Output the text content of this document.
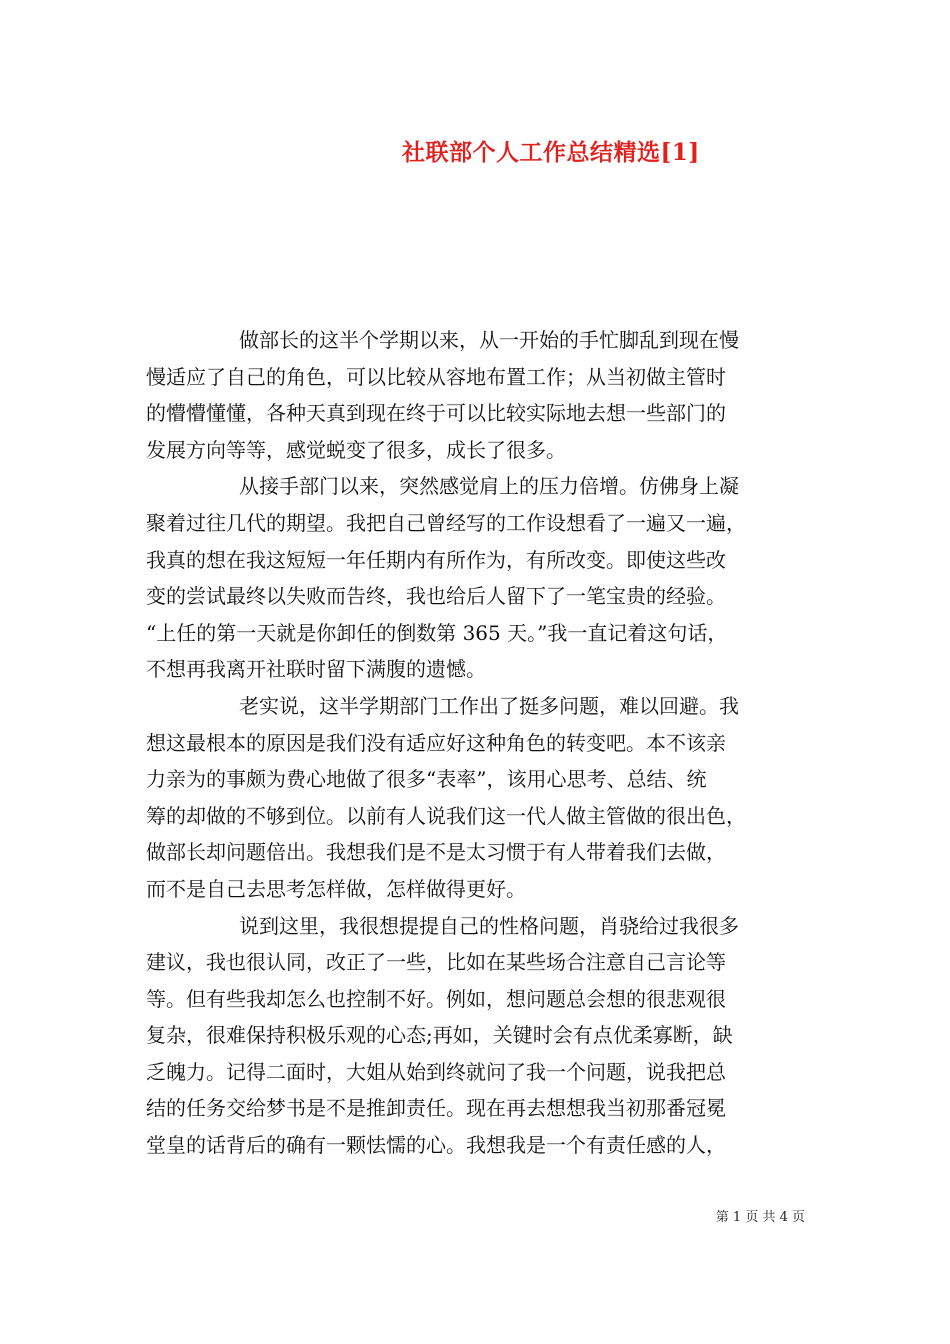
社联部个人工作总结精选[1]

做部长的这半个学期以来，从一开始的手忙脚乱到现在慢
慢适应了自己的角色，可以比较从容地布置工作；从当初做主管时
的懵懵懂懂，各种天真到现在终于可以比较实际地去想一些部门的
发展方向等等，感觉蜕变了很多，成长了很多。

从接手部门以来，突然感觉肩上的压力倍增。仿佛身上凝
聚着过往几代的期望。我把自己曾经写的工作设想看了一遍又一遍，
我真的想在我这短短一年任期内有所作为，有所改变。即使这些改
变的尝试最终以失败而告终，我也给后人留下了一笔宝贵的经验。
“上任的第一天就是你卸任的倒数第 365 天。”我一直记着这句话，
不想再我离开社联时留下满腹的遗憾。

老实说，这半学期部门工作出了挺多问题，难以回避。我
想这最根本的原因是我们没有适应好这种角色的转变吧。本不该亲
力亲为的事颇为费心地做了很多“表率”，该用心思考、总结、统
筹的却做的不够到位。以前有人说我们这一代人做主管做的很出色，
做部长却问题倍出。我想我们是不是太习惯于有人带着我们去做，
而不是自己去思考怎样做，怎样做得更好。

说到这里，我很想提提自己的性格问题，肖骁给过我很多
建议，我也很认同，改正了一些，比如在某些场合注意自己言论等
等。但有些我却怎么也控制不好。例如，想问题总会想的很悲观很
复杂，很难保持积极乐观的心态;再如，关键时会有点优柔寡断，缺
乏魄力。记得二面时，大姐从始到终就问了我一个问题，说我把总
结的任务交给梦书是不是推卸责任。现在再去想想我当初那番冠冕
堂皇的话背后的确有一颗怯懦的心。我想我是一个有责任感的人，

第 1 页 共 4 页
